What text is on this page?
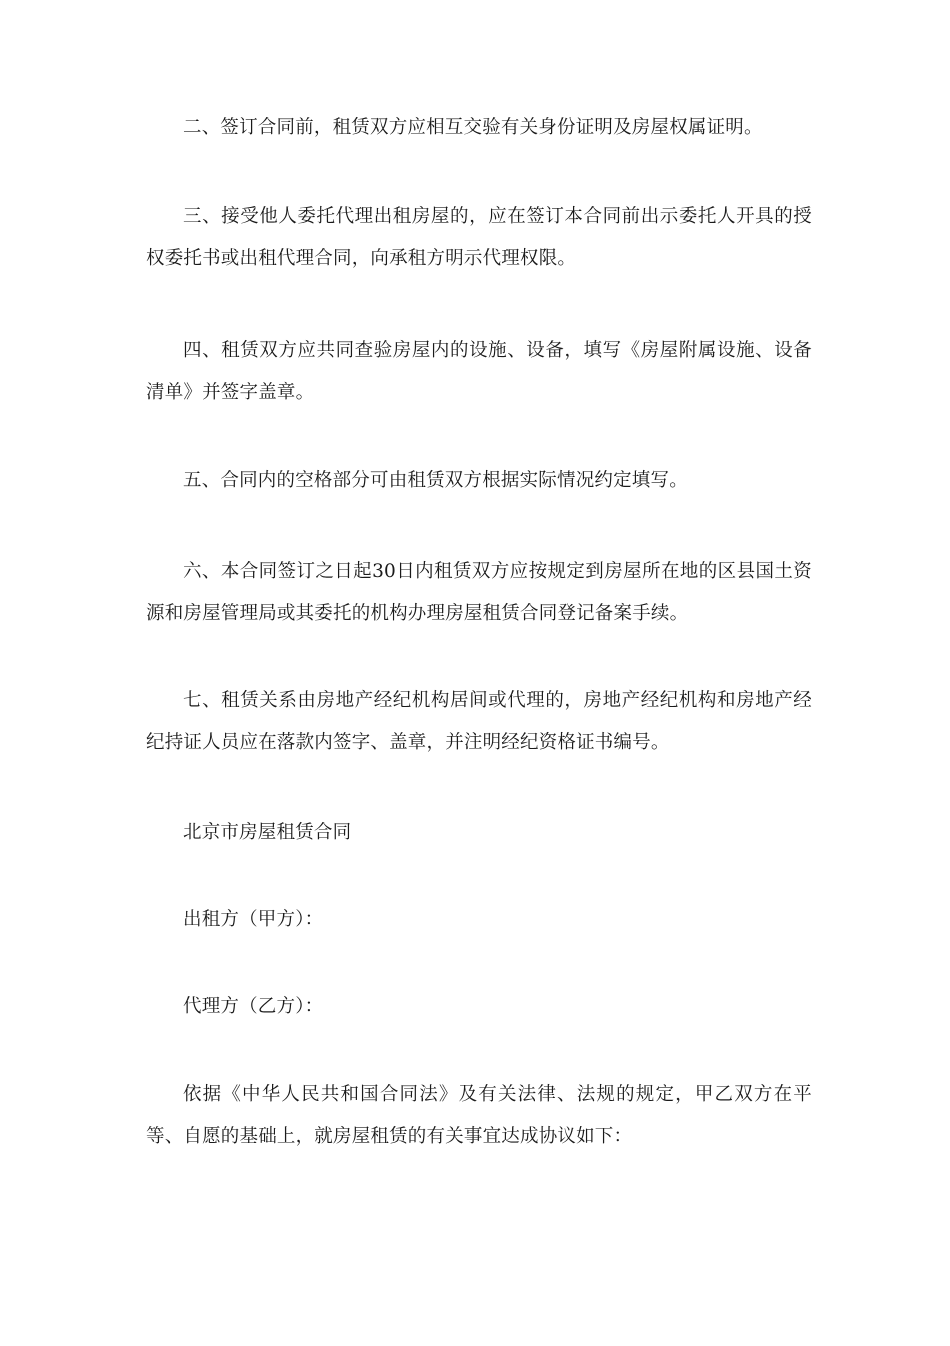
二、签订合同前，租赁双方应相互交验有关身份证明及房屋权属证明。

三、接受他人委托代理出租房屋的，应在签订本合同前出示委托人开具的授权委托书或出租代理合同，向承租方明示代理权限。

四、租赁双方应共同查验房屋内的设施、设备，填写《房屋附属设施、设备清单》并签字盖章。

五、合同内的空格部分可由租赁双方根据实际情况约定填写。

六、本合同签订之日起30日内租赁双方应按规定到房屋所在地的区县国土资源和房屋管理局或其委托的机构办理房屋租赁合同登记备案手续。

七、租赁关系由房地产经纪机构居间或代理的，房地产经纪机构和房地产经纪持证人员应在落款内签字、盖章，并注明经纪资格证书编号。

北京市房屋租赁合同

出租方（甲方）：

代理方（乙方）：

依据《中华人民共和国合同法》及有关法律、法规的规定，甲乙双方在平等、自愿的基础上，就房屋租赁的有关事宜达成协议如下：
